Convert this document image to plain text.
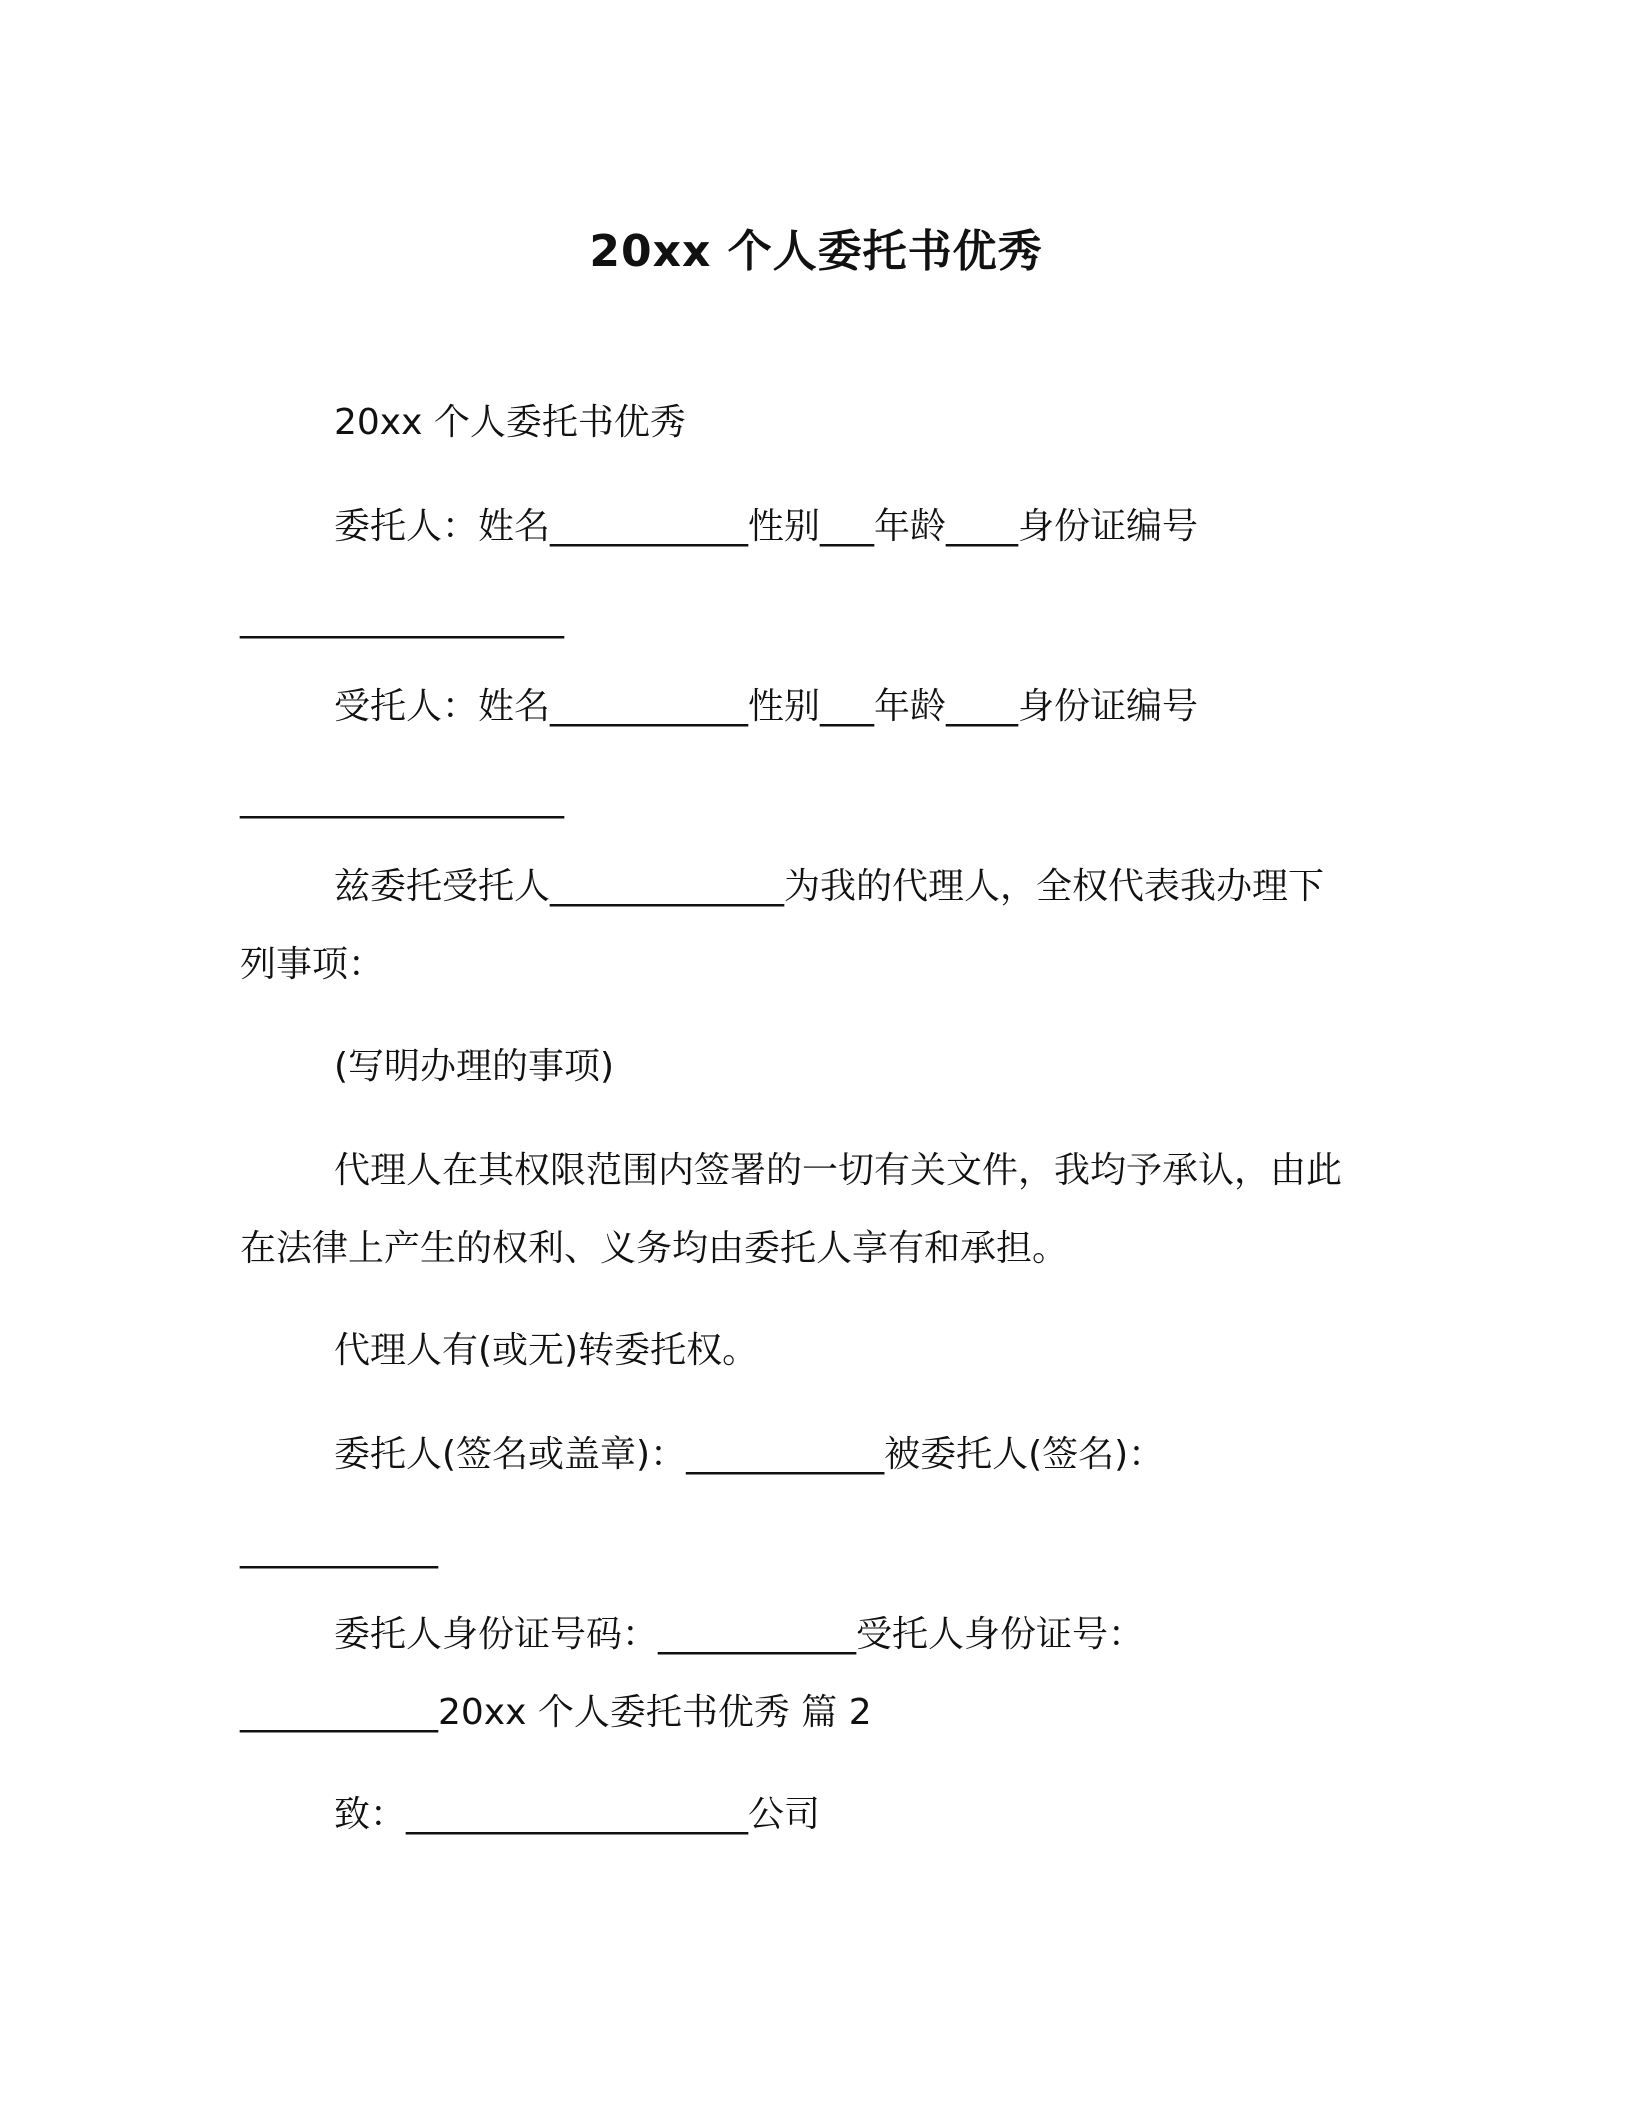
20xx 个人委托书优秀
20xx 个人委托书优秀
委托人：姓名___________性别___年龄____身份证编号
__________________
受托人：姓名___________性别___年龄____身份证编号
__________________
兹委托受托人_____________为我的代理人，全权代表我办理下
列事项：
(写明办理的事项)
代理人在其权限范围内签署的一切有关文件，我均予承认，由此
在法律上产生的权利、义务均由委托人享有和承担。
代理人有(或无)转委托权。
委托人(签名或盖章)：___________被委托人(签名)：
___________
委托人身份证号码：___________受托人身份证号：
___________20xx 个人委托书优秀 篇 2
致：___________________公司
